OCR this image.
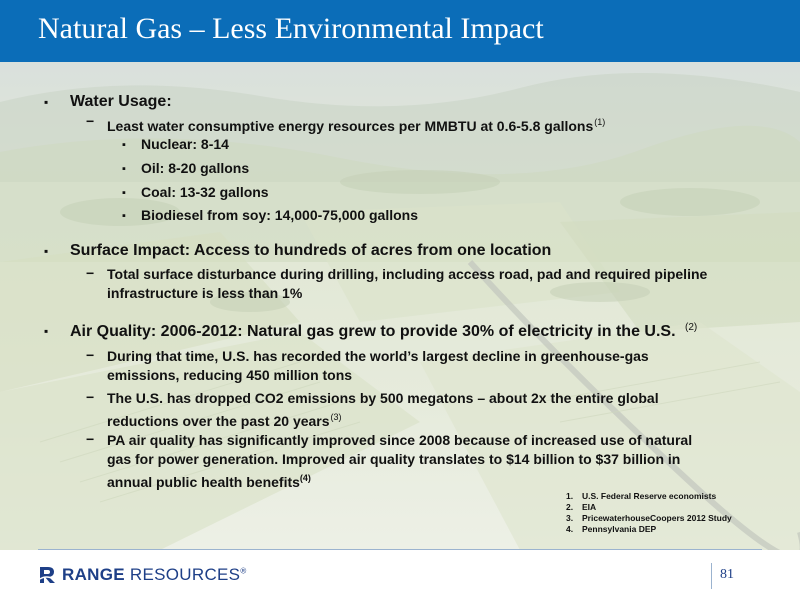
Natural Gas – Less Environmental Impact
▪ Water Usage:
− Least water consumptive energy resources per MMBTU at 0.6-5.8 gallons$^{(1)}$
▪ Nuclear: 8-14
▪ Oil: 8-20 gallons
▪ Coal: 13-32 gallons
▪ Biodiesel from soy: 14,000-75,000 gallons
▪ Surface Impact: Access to hundreds of acres from one location
− Total surface disturbance during drilling, including access road, pad and required pipeline
infrastructure is less than 1%
▪ Air Quality: 2006-2012: Natural gas grew to provide 30% of electricity in the U.S. $^{(2)}$
− During that time, U.S. has recorded the world’s largest decline in greenhouse-gas
emissions, reducing 450 million tons
− The U.S. has dropped CO2 emissions by 500 megatons – about 2x the entire global
reductions over the past 20 years$^{(3)}$
− PA air quality has significantly improved since 2008 because of increased use of natural
gas for power generation. Improved air quality translates to $14 billion to $37 billion in
annual public health benefits$^{(4)}$
1. U.S. Federal Reserve economists
2. EIA
3. PricewaterhouseCoopers 2012 Study
4. Pennsylvania DEP
RANGE RESOURCES®	81
